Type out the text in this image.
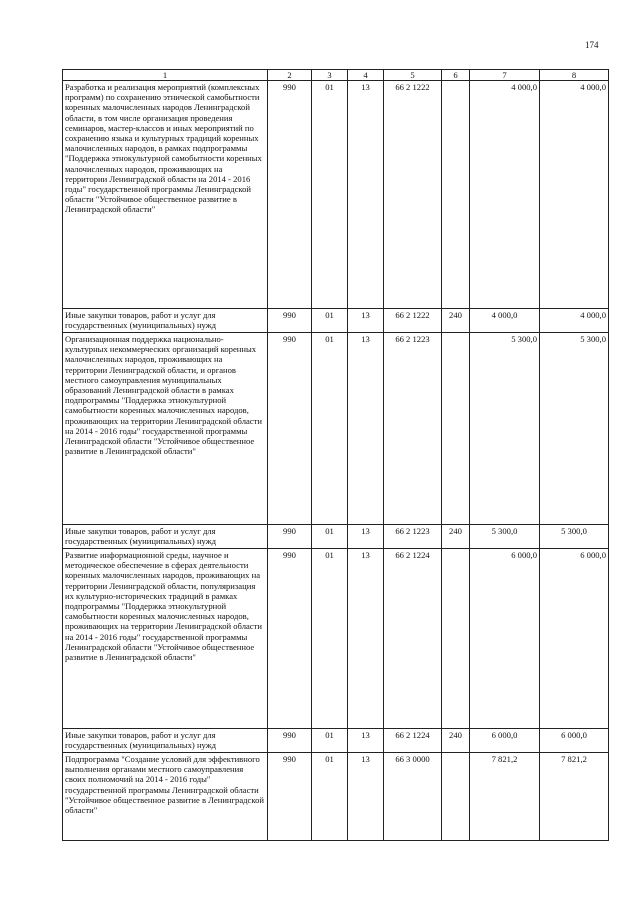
174
1	2	3	4	5	6	7	8
Разработка и реализация мероприятий (комплексных программ) по сохранению этнической самобытности коренных малочисленных народов Ленинградской области, в том числе организация проведения семинаров, мастер-классов и иных мероприятий по сохранению языка и культурных традиций коренных малочисленных народов, в рамках подпрограммы "Поддержка этнокультурной самобытности коренных малочисленных народов, проживающих на территории Ленинградской области на 2014 - 2016 годы" государственной программы Ленинградской области "Устойчивое общественное развитие в Ленинградской области"	990	01	13	66 2 1222		4 000,0	4 000,0
Иные закупки товаров, работ и услуг для государственных (муниципальных) нужд	990	01	13	66 2 1222	240	4 000,0	4 000,0
Организационная поддержка национально-культурных некоммерческих организаций коренных малочисленных народов, проживающих на территории Ленинградской области, и органов местного самоуправления муниципальных образований Ленинградской области в рамках подпрограммы "Поддержка этнокультурной самобытности коренных малочисленных народов, проживающих на территории Ленинградской области на 2014 - 2016 годы" государственной программы Ленинградской области "Устойчивое общественное развитие в Ленинградской области"	990	01	13	66 2 1223		5 300,0	5 300,0
Иные закупки товаров, работ и услуг для государственных (муниципальных) нужд	990	01	13	66 2 1223	240	5 300,0	5 300,0
Развитие информационной среды, научное и методическое обеспечение в сферах деятельности коренных малочисленных народов, проживающих на территории Ленинградской области, популяризация их культурно-исторических традиций в рамках подпрограммы "Поддержка этнокультурной самобытности коренных малочисленных народов, проживающих на территории Ленинградской области на 2014 - 2016 годы" государственной программы Ленинградской области "Устойчивое общественное развитие в Ленинградской области"	990	01	13	66 2 1224		6 000,0	6 000,0
Иные закупки товаров, работ и услуг для государственных (муниципальных) нужд	990	01	13	66 2 1224	240	6 000,0	6 000,0
Подпрограмма "Создание условий для эффективного выполнения органами местного самоуправления своих полномочий на 2014 - 2016 годы" государственной программы Ленинградской области "Устойчивое общественное развитие в Ленинградской области"	990	01	13	66 3 0000		7 821,2	7 821,2
